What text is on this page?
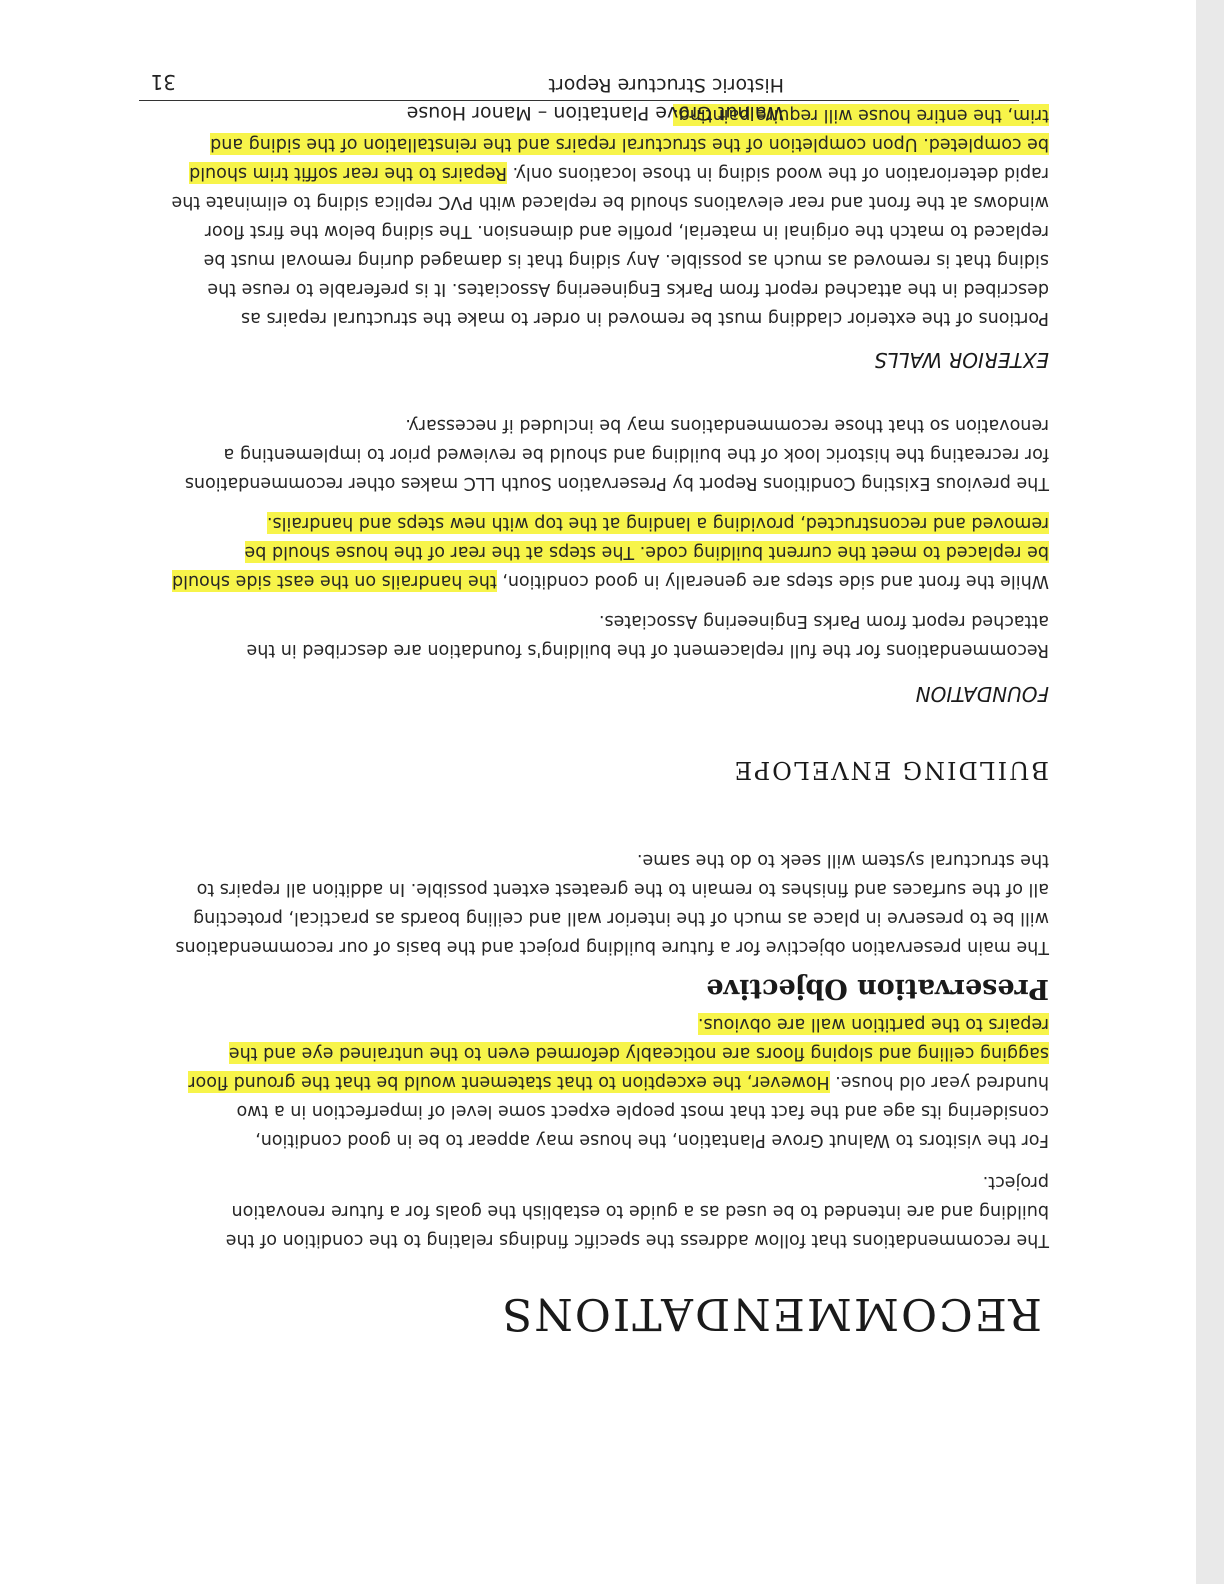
RECOMMENDATIONS

The recommendations that follow address the specific findings relating to the condition of the building and are intended to be used as a guide to establish the goals for a future renovation project.

For the visitors to Walnut Grove Plantation, the house may appear to be in good condition, considering its age and the fact that most people expect some level of imperfection in a two hundred year old house. However, the exception to that statement would be that the ground floor sagging ceiling and sloping floors are noticeably deformed even to the untrained eye and the repairs to the partition wall are obvious.

Preservation Objective

The main preservation objective for a future building project and the basis of our recommendations will be to preserve in place as much of the interior wall and ceiling boards as practical, protecting all of the surfaces and finishes to remain to the greatest extent possible. In addition all repairs to the structural system will seek to do the same.

BUILDING ENVELOPE
FOUNDATION

Recommendations for the full replacement of the building's foundation are described in the attached report from Parks Engineering Associates.

While the front and side steps are generally in good condition, the handrails on the east side should be replaced to meet the current building code. The steps at the rear of the house should be removed and reconstructed, providing a landing at the top with new steps and handrails.

The previous Existing Conditions Report by Preservation South LLC makes other recommendations for recreating the historic look of the building and should be reviewed prior to implementing a renovation so that those recommendations may be included if necessary.

EXTERIOR WALLS

Portions of the exterior cladding must be removed in order to make the structural repairs as described in the attached report from Parks Engineering Associates. It is preferable to reuse the siding that is removed as much as possible. Any siding that is damaged during removal must be replaced to match the original in material, profile and dimension. The siding below the first floor windows at the front and rear elevations should be replaced with PVC replica siding to eliminate the rapid deterioration of the wood siding in those locations only. Repairs to the rear soffit trim should be completed. Upon completion of the structural repairs and the reinstallation of the siding and trim, the entire house will require painting.

Walnut Grove Plantation – Manor House
Historic Structure Report
31
